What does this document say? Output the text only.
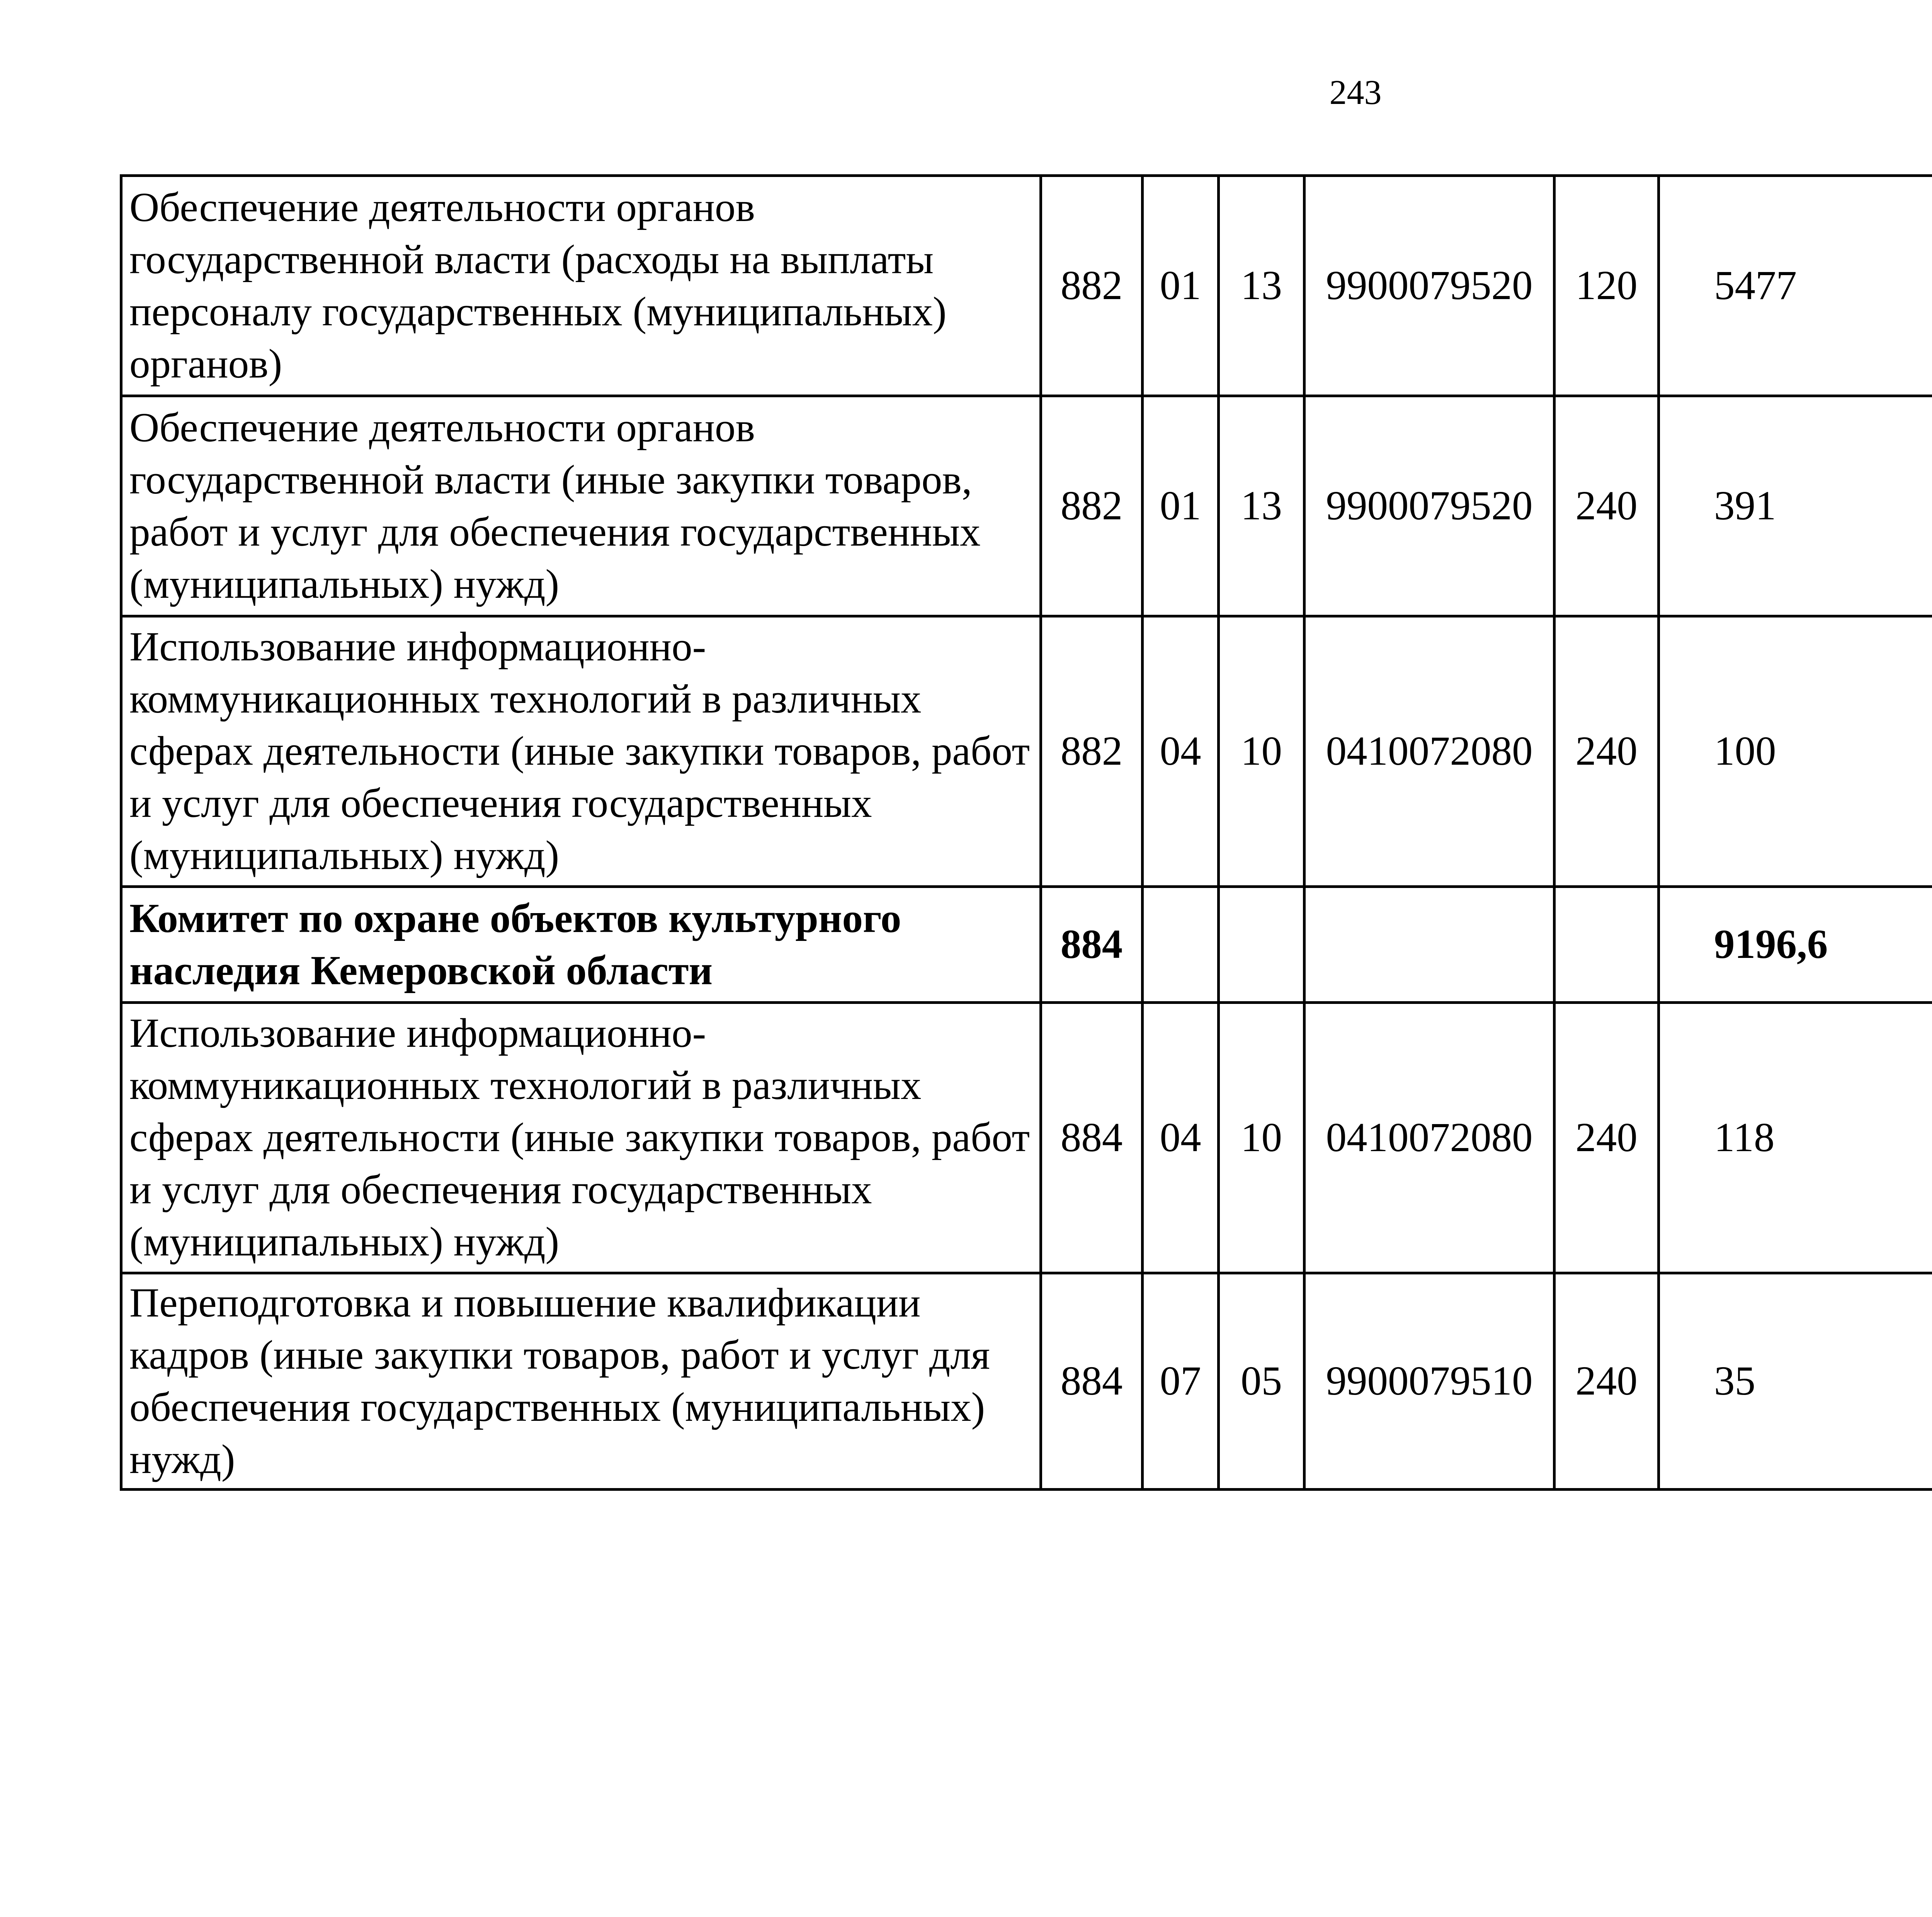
243
Обеспечение деятельности органов государственной власти (расходы на выплаты персоналу государственных (муниципальных) органов)	882	01	13	9900079520	120	5477		
Обеспечение деятельности органов государственной власти (иные закупки товаров, работ и услуг для обеспечения государственных (муниципальных) нужд)	882	01	13	9900079520	240	391		
Использование информационно-коммуникационных технологий в различных сферах деятельности (иные закупки товаров, работ и услуг для обеспечения государственных (муниципальных) нужд)	882	04	10	0410072080	240	100		
Комитет по охране объектов культурного наследия Кемеровской области	884					9196,6		
Использование информационно-коммуникационных технологий в различных сферах деятельности (иные закупки товаров, работ и услуг для обеспечения государственных (муниципальных) нужд)	884	04	10	0410072080	240	118		
Переподготовка и повышение квалификации кадров (иные закупки товаров, работ и услуг для обеспечения государственных (муниципальных) нужд)	884	07	05	9900079510	240	35		
